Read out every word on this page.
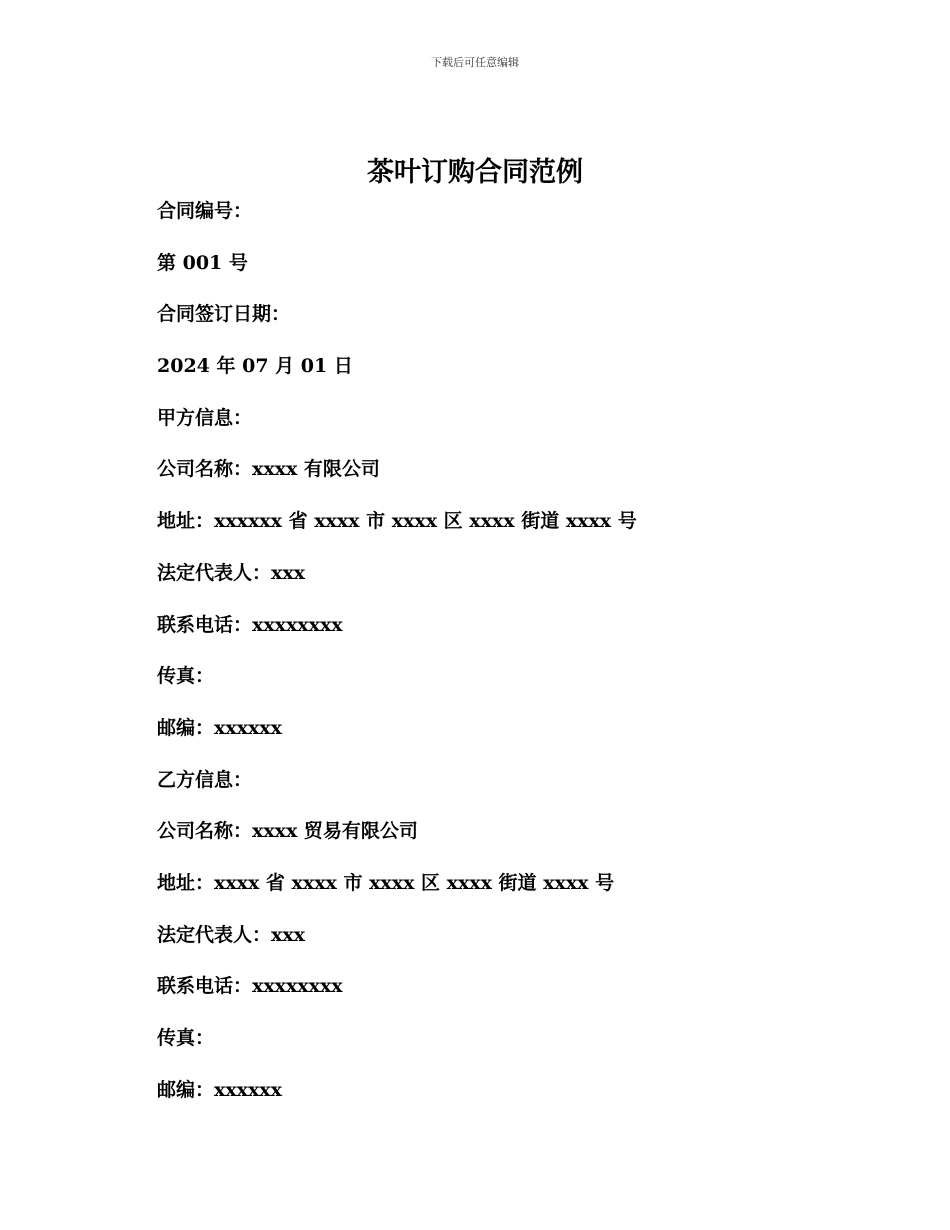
下载后可任意编辑
茶叶订购合同范例
合同编号：
第 001 号
合同签订日期：
2024 年 07 月 01 日
甲方信息：
公司名称：xxxx 有限公司
地址：xxxxxx 省 xxxx 市 xxxx 区 xxxx 街道 xxxx 号
法定代表人：xxx
联系电话：xxxxxxxx
传真：
邮编：xxxxxx
乙方信息：
公司名称：xxxx 贸易有限公司
地址：xxxx 省 xxxx 市 xxxx 区 xxxx 街道 xxxx 号
法定代表人：xxx
联系电话：xxxxxxxx
传真：
邮编：xxxxxx
